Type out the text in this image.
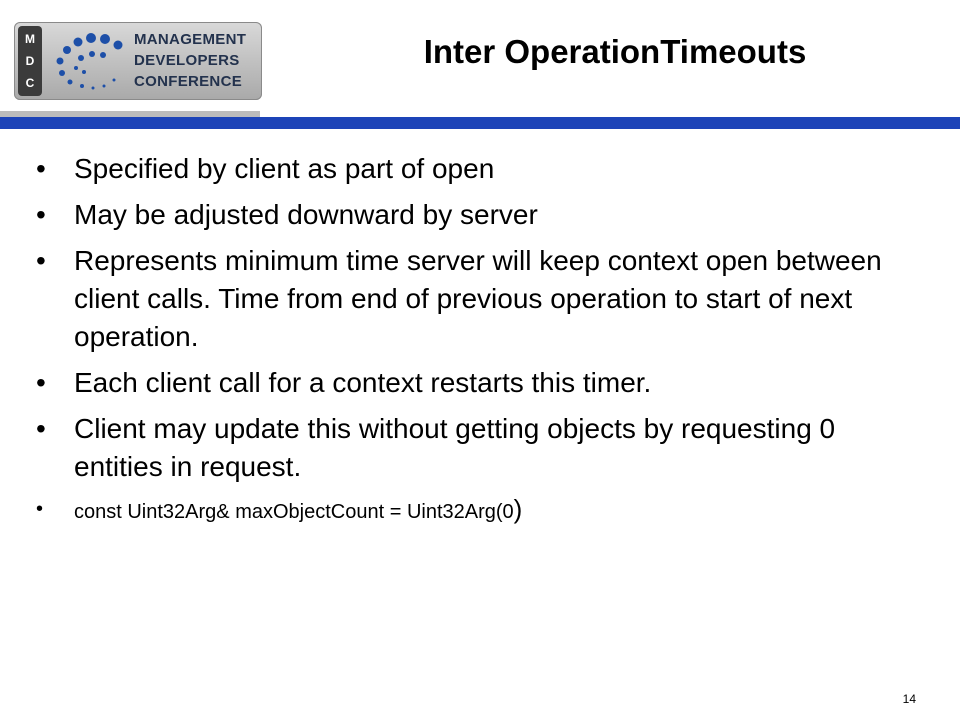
M
D
C
MANAGEMENT
DEVELOPERS
CONFERENCE
Inter OperationTimeouts
• Specified by client as part of open
• May be adjusted downward by server
• Represents minimum time server will keep context open between client calls. Time from end of previous operation to start of next operation.
• Each client call for a context restarts this timer.
• Client may update this without getting objects by requesting 0 entities in request.
• const Uint32Arg& maxObjectCount = Uint32Arg(0)
14
